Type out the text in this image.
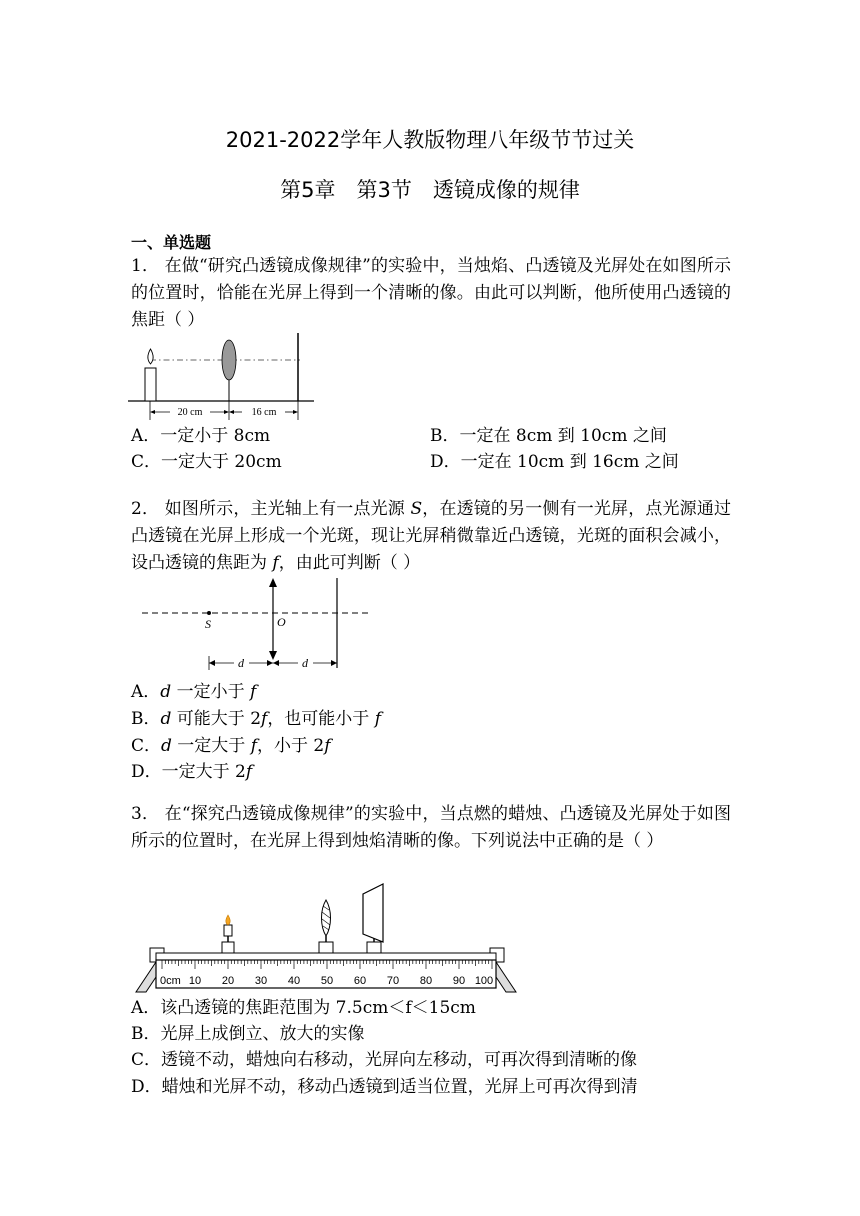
2021-2022学年人教版物理八年级节节过关
第5章　第3节　透镜成像的规律
一、单选题
1． 在做“研究凸透镜成像规律”的实验中，当烛焰、凸透镜及光屏处在如图所示的位置时，恰能在光屏上得到一个清晰的像。由此可以判断，他所使用凸透镜的焦距（ ）
20 cm	16 cm
A．一定小于 8cm	B．一定在 8cm 到 10cm 之间
C．一定大于 20cm	D．一定在 10cm 到 16cm 之间
2． 如图所示，主光轴上有一点光源 S，在透镜的另一侧有一光屏，点光源通过凸透镜在光屏上形成一个光斑，现让光屏稍微靠近凸透镜，光斑的面积会减小，设凸透镜的焦距为 f，由此可判断（ ）
S	O
d	d
A．d 一定小于 f
B．d 可能大于 2f，也可能小于 f
C．d 一定大于 f，小于 2f
D．一定大于 2f
3． 在“探究凸透镜成像规律”的实验中，当点燃的蜡烛、凸透镜及光屏处于如图所示的位置时，在光屏上得到烛焰清晰的像。下列说法中正确的是（ ）
0cm 10 20 30 40 50 60 70 80 90 100
A．该凸透镜的焦距范围为 7.5cm＜f＜15cm
B．光屏上成倒立、放大的实像
C．透镜不动，蜡烛向右移动，光屏向左移动，可再次得到清晰的像
D．蜡烛和光屏不动，移动凸透镜到适当位置，光屏上可再次得到清
